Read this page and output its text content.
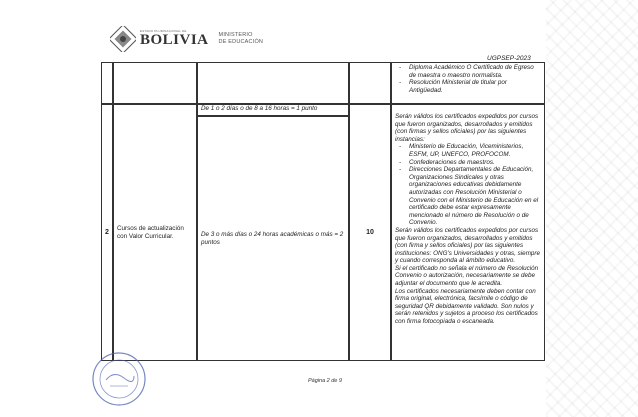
ESTADO PLURINACIONAL DE
BOLIVIA MINISTERIO
DE EDUCACIÓN
UGPSEP-2023
- Diploma Académico O Certificado de Egreso de maestra o maestro normalista.
- Resolución Ministerial de titular por Antigüedad.
2
Cursos de actualización con Valor Curricular.
De 1 o 2 días o de 8 a 16 horas = 1 punto
De 3 o más días o 24 horas académicas o más = 2 puntos
10

Serán válidos los certificados expedidos por cursos que fueron organizados, desarrollados y emitidos (con firmas y sellos oficiales) por las siguientes instancias:

- Ministerio de Educación, Viceministerios, ESFM, UP, UNEFCO, PROFOCOM.
- Confederaciones de maestros.
- Direcciones Departamentales de Educación, Organizaciones Sindicales y otras organizaciones educativas debidamente autorizadas con Resolución Ministerial o Convenio con el Ministerio de Educación en el certificado debe estar expresamente mencionado el número de Resolución o de Convenio.

Serán válidos los certificados expedidos por cursos que fueron organizados, desarrollados y emitidos (con firma y sellos oficiales) por las siguientes instituciones: ONG's Universidades y otras, siempre y cuando corresponda al ámbito educativo.

Si el certificado no señala el número de Resolución Convenio o autorización, necesariamente se debe adjuntar el documento que le acredita.

Los certificados necesariamente deben contar con firma original, electrónica, facsímile o código de seguridad QR debidamente validado. Son nulos y serán retenidos y sujetos a proceso los certificados con firma fotocopiada o escaneada.

Página 2 de 9
